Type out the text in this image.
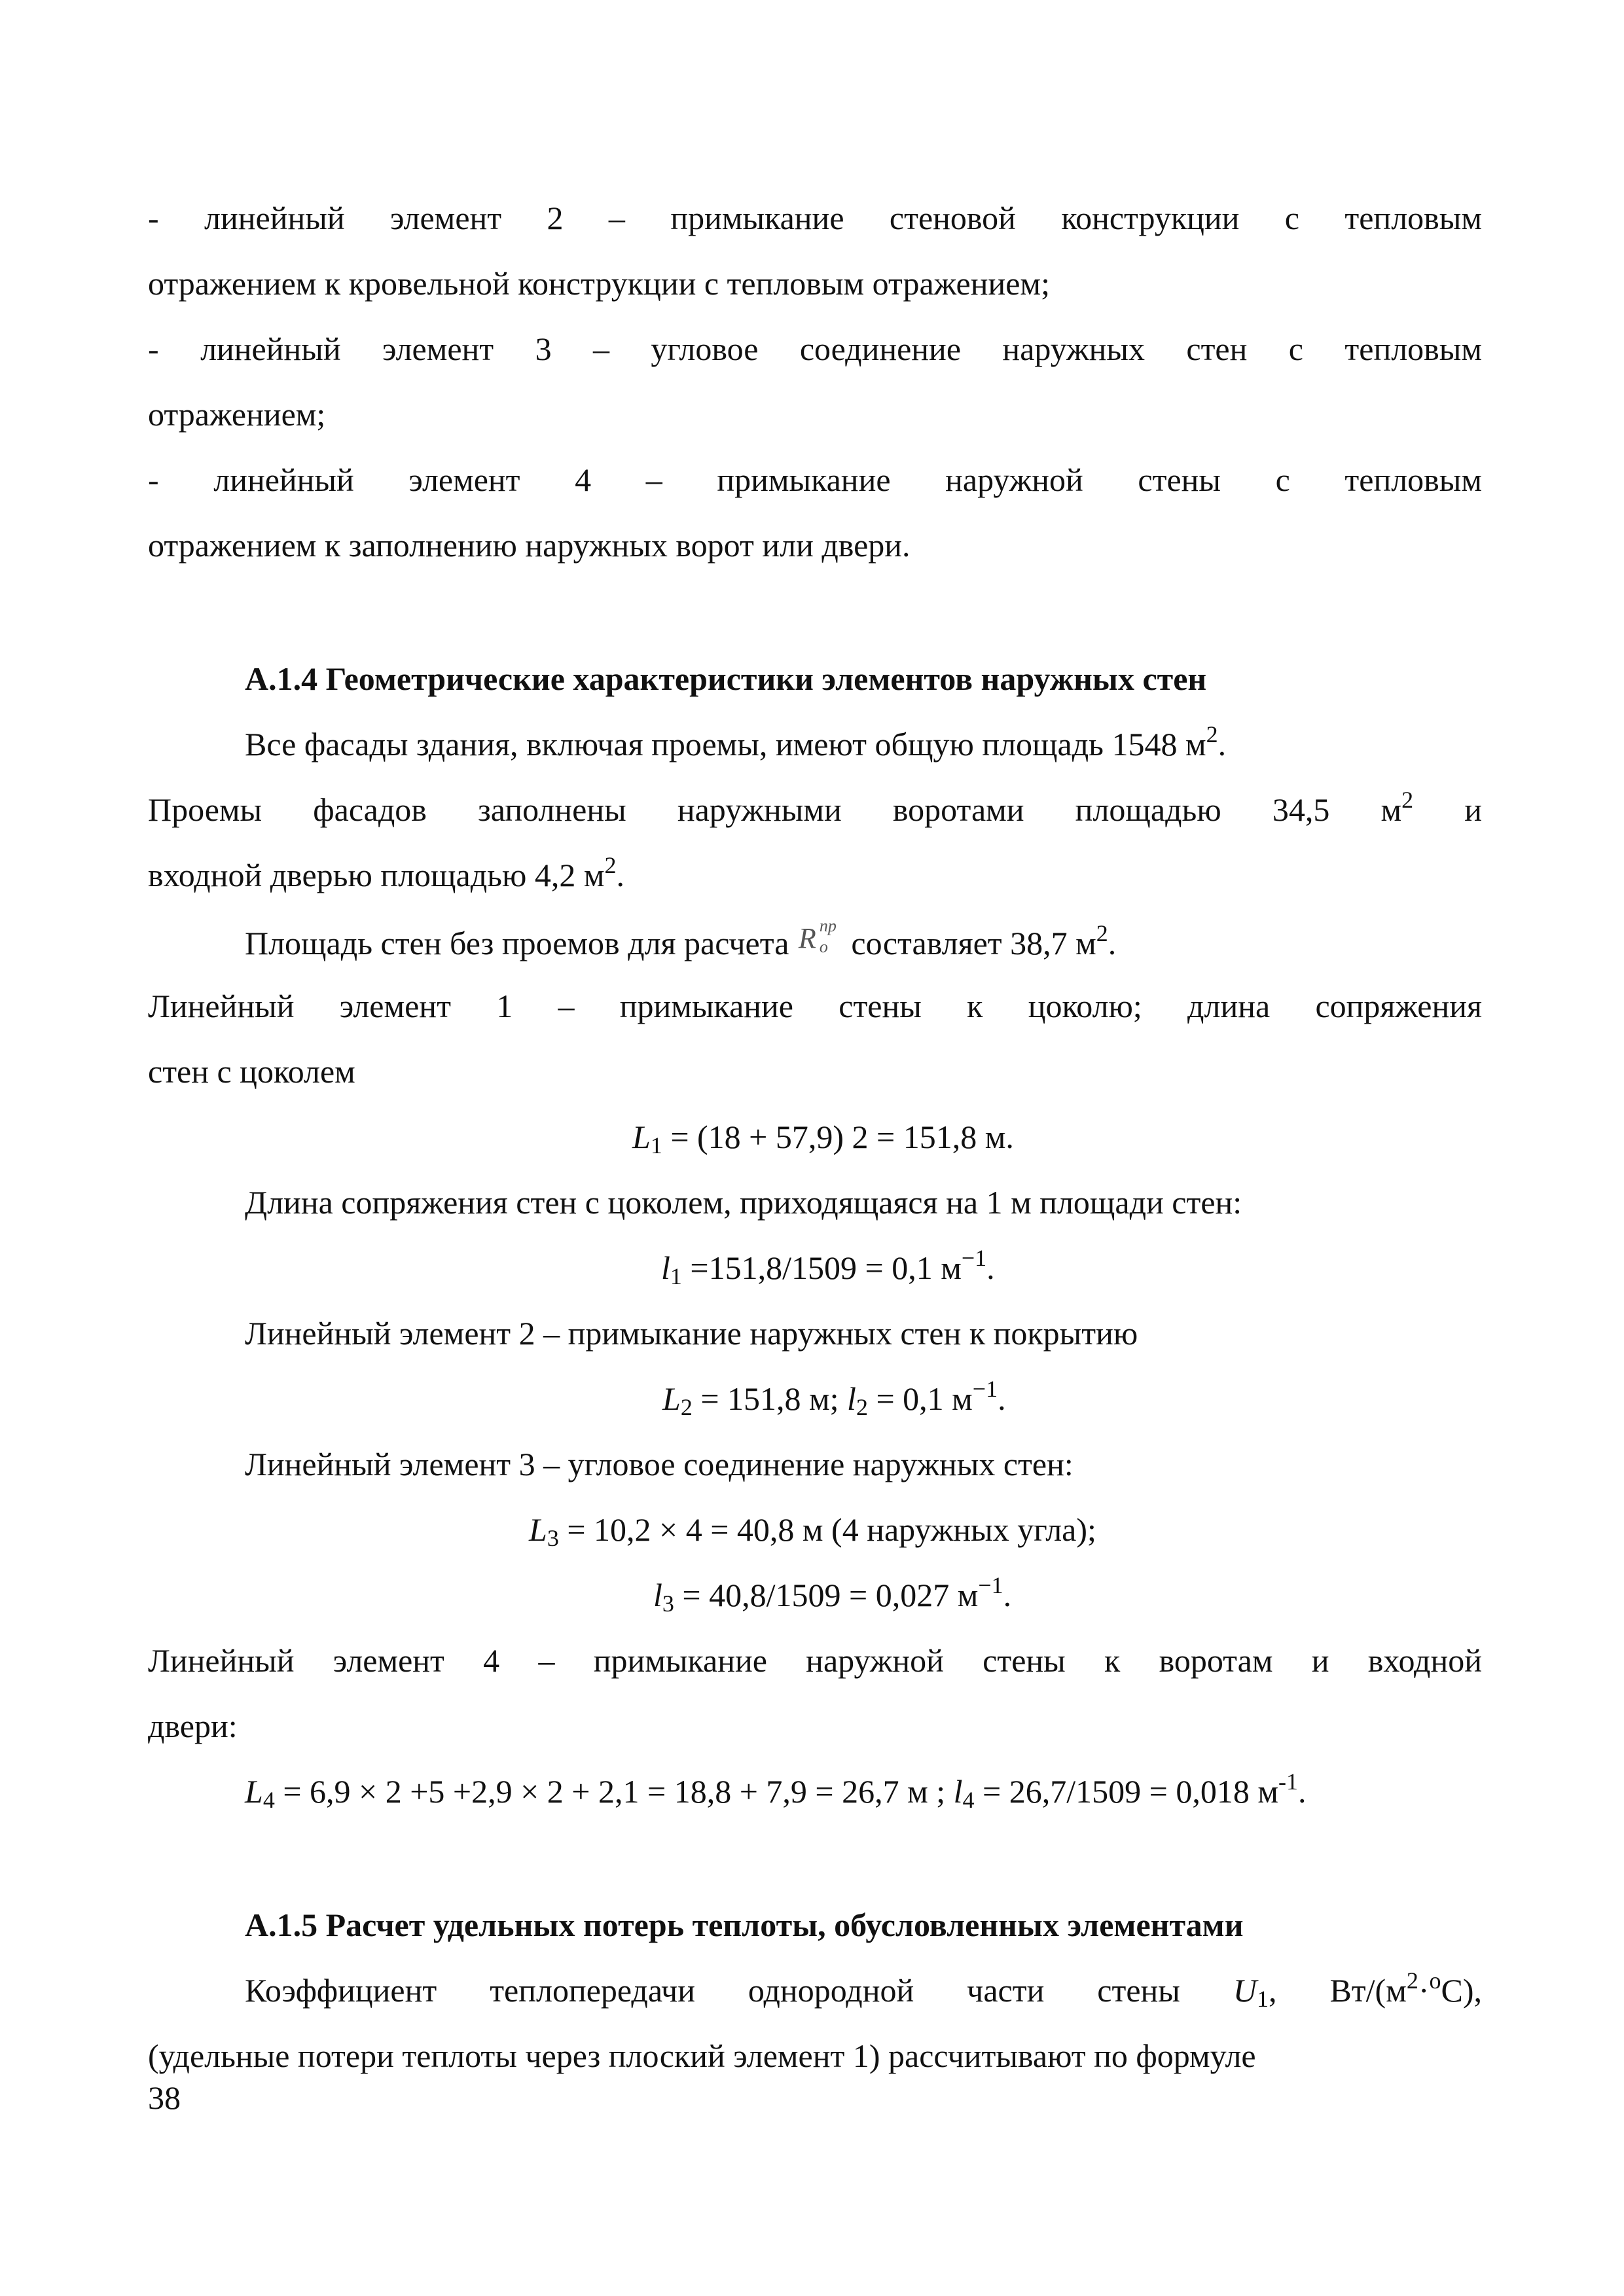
- линейный элемент 2 – примыкание стеновой конструкции с тепловым
отражением к кровельной конструкции с тепловым отражением;
- линейный элемент 3 – угловое соединение наружных стен с тепловым
отражением;
- линейный элемент 4 – примыкание наружной стены с тепловым
отражением к заполнению наружных ворот или двери.
А.1.4 Геометрические характеристики элементов наружных стен
Все фасады здания, включая проемы, имеют общую площадь 1548 $м^2$.
Проемы фасадов заполнены наружными воротами площадью 34,5 $м^2$ и
входной дверью площадью 4,2 $м^2$.
Площадь стен без проемов для расчета R пр
o составляет 38,7 $м^2$.
Линейный элемент 1 – примыкание стены к цоколю; длина сопряжения
стен с цоколем
$L_1 = (18 + 57,9) 2 = 151,8$ м.
Длина сопряжения стен с цоколем, приходящаяся на 1 м площади стен:
$l_1 =151,8/1509 = 0,1$ $м^{-1}$.
Линейный элемент 2 – примыкание наружных стен к покрытию
$L_2 = 151,8$ м; $l_2 = 0,1$ $м^{-1}$.
Линейный элемент 3 – угловое соединение наружных стен:
$L_3 = 10,2 \times 4 = 40,8$ м (4 наружных угла);
$l_3 = 40,8/1509 = 0,027$ $м^{-1}$.
Линейный элемент 4 – примыкание наружной стены к воротам и входной
двери:
$L_4 = 6,9 \times 2 +5 +2,9 \times 2 + 2,1 = 18,8 + 7,9 = 26,7$ м ; $l_4 = 26,7/1509 = 0,018$ $м^{-1}$.
А.1.5 Расчет удельных потерь теплоты, обусловленных элементами
Коэффициент теплопередачи однородной части стены $U_1$, $Вт/(м^2\cdot^оС)$,
(удельные потери теплоты через плоский элемент 1) рассчитывают по формуле
38
